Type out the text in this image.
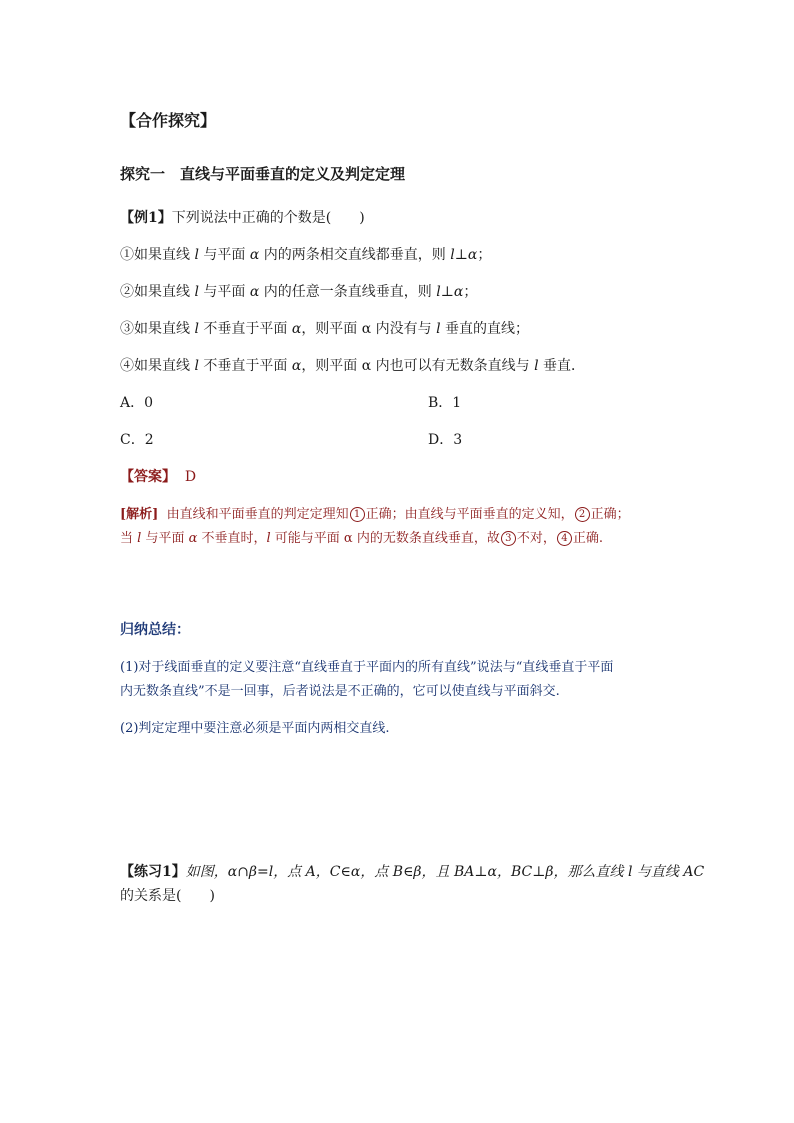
【合作探究】
探究一　直线与平面垂直的定义及判定定理
【例1】下列说法中正确的个数是(　　)
①如果直线 l 与平面 α 内的两条相交直线都垂直，则 l⊥α；
②如果直线 l 与平面 α 内的任意一条直线垂直，则 l⊥α；
③如果直线 l 不垂直于平面 α，则平面 α 内没有与 l 垂直的直线；
④如果直线 l 不垂直于平面 α，则平面 α 内也可以有无数条直线与 l 垂直．
A．0	B．1
C．2	D．3
【答案】 D
[解析] 由直线和平面垂直的判定定理知 1 正确；由直线与平面垂直的定义知， 2 正确；
当 l 与平面 α 不垂直时，l 可能与平面 α 内的无数条直线垂直，故 3 不对， 4 正确.
归纳总结：
(1)对于线面垂直的定义要注意“直线垂直于平面内的所有直线”说法与“直线垂直于平面
内无数条直线”不是一回事，后者说法是不正确的，它可以使直线与平面斜交.
(2)判定定理中要注意必须是平面内两相交直线.
【练习1】如图，α∩β=l，点 A，C∈α，点 B∈β，且 BA⊥α，BC⊥β，那么直线 l 与直线 AC
的关系是(　　)
